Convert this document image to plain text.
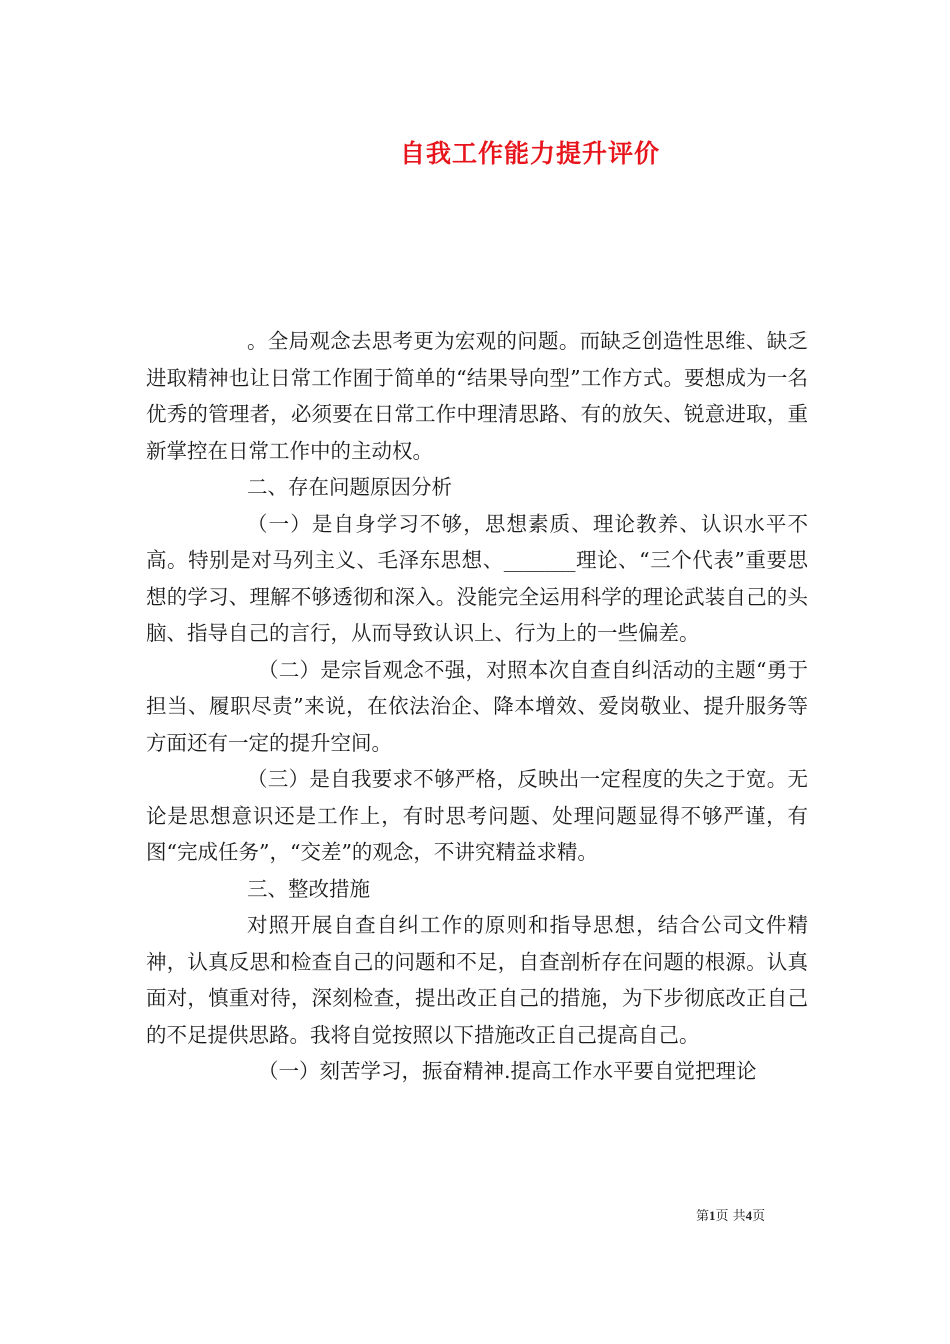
自我工作能力提升评价

。全局观念去思考更为宏观的问题。而缺乏创造性思维、缺乏进取精神也让日常工作囿于简单的“结果导向型”工作方式。要想成为一名优秀的管理者，必须要在日常工作中理清思路、有的放矢、锐意进取，重新掌控在日常工作中的主动权。

二、存在问题原因分析

（一）是自身学习不够，思想素质、理论教养、认识水平不高。特别是对马列主义、毛泽东思想、_______理论、“三个代表”重要思想的学习、理解不够透彻和深入。没能完全运用科学的理论武装自己的头脑、指导自己的言行，从而导致认识上、行为上的一些偏差。

（二）是宗旨观念不强，对照本次自查自纠活动的主题“勇于担当、履职尽责”来说，在依法治企、降本增效、爱岗敬业、提升服务等方面还有一定的提升空间。

（三）是自我要求不够严格，反映出一定程度的失之于宽。无论是思想意识还是工作上，有时思考问题、处理问题显得不够严谨，有图“完成任务”，“交差”的观念，不讲究精益求精。

三、整改措施

对照开展自查自纠工作的原则和指导思想，结合公司文件精神，认真反思和检查自己的问题和不足，自查剖析存在问题的根源。认真面对，慎重对待，深刻检查，提出改正自己的措施，为下步彻底改正自己的不足提供思路。我将自觉按照以下措施改正自己提高自己。

（一）刻苦学习，振奋精神.提高工作水平要自觉把理论

第1页 共4页
